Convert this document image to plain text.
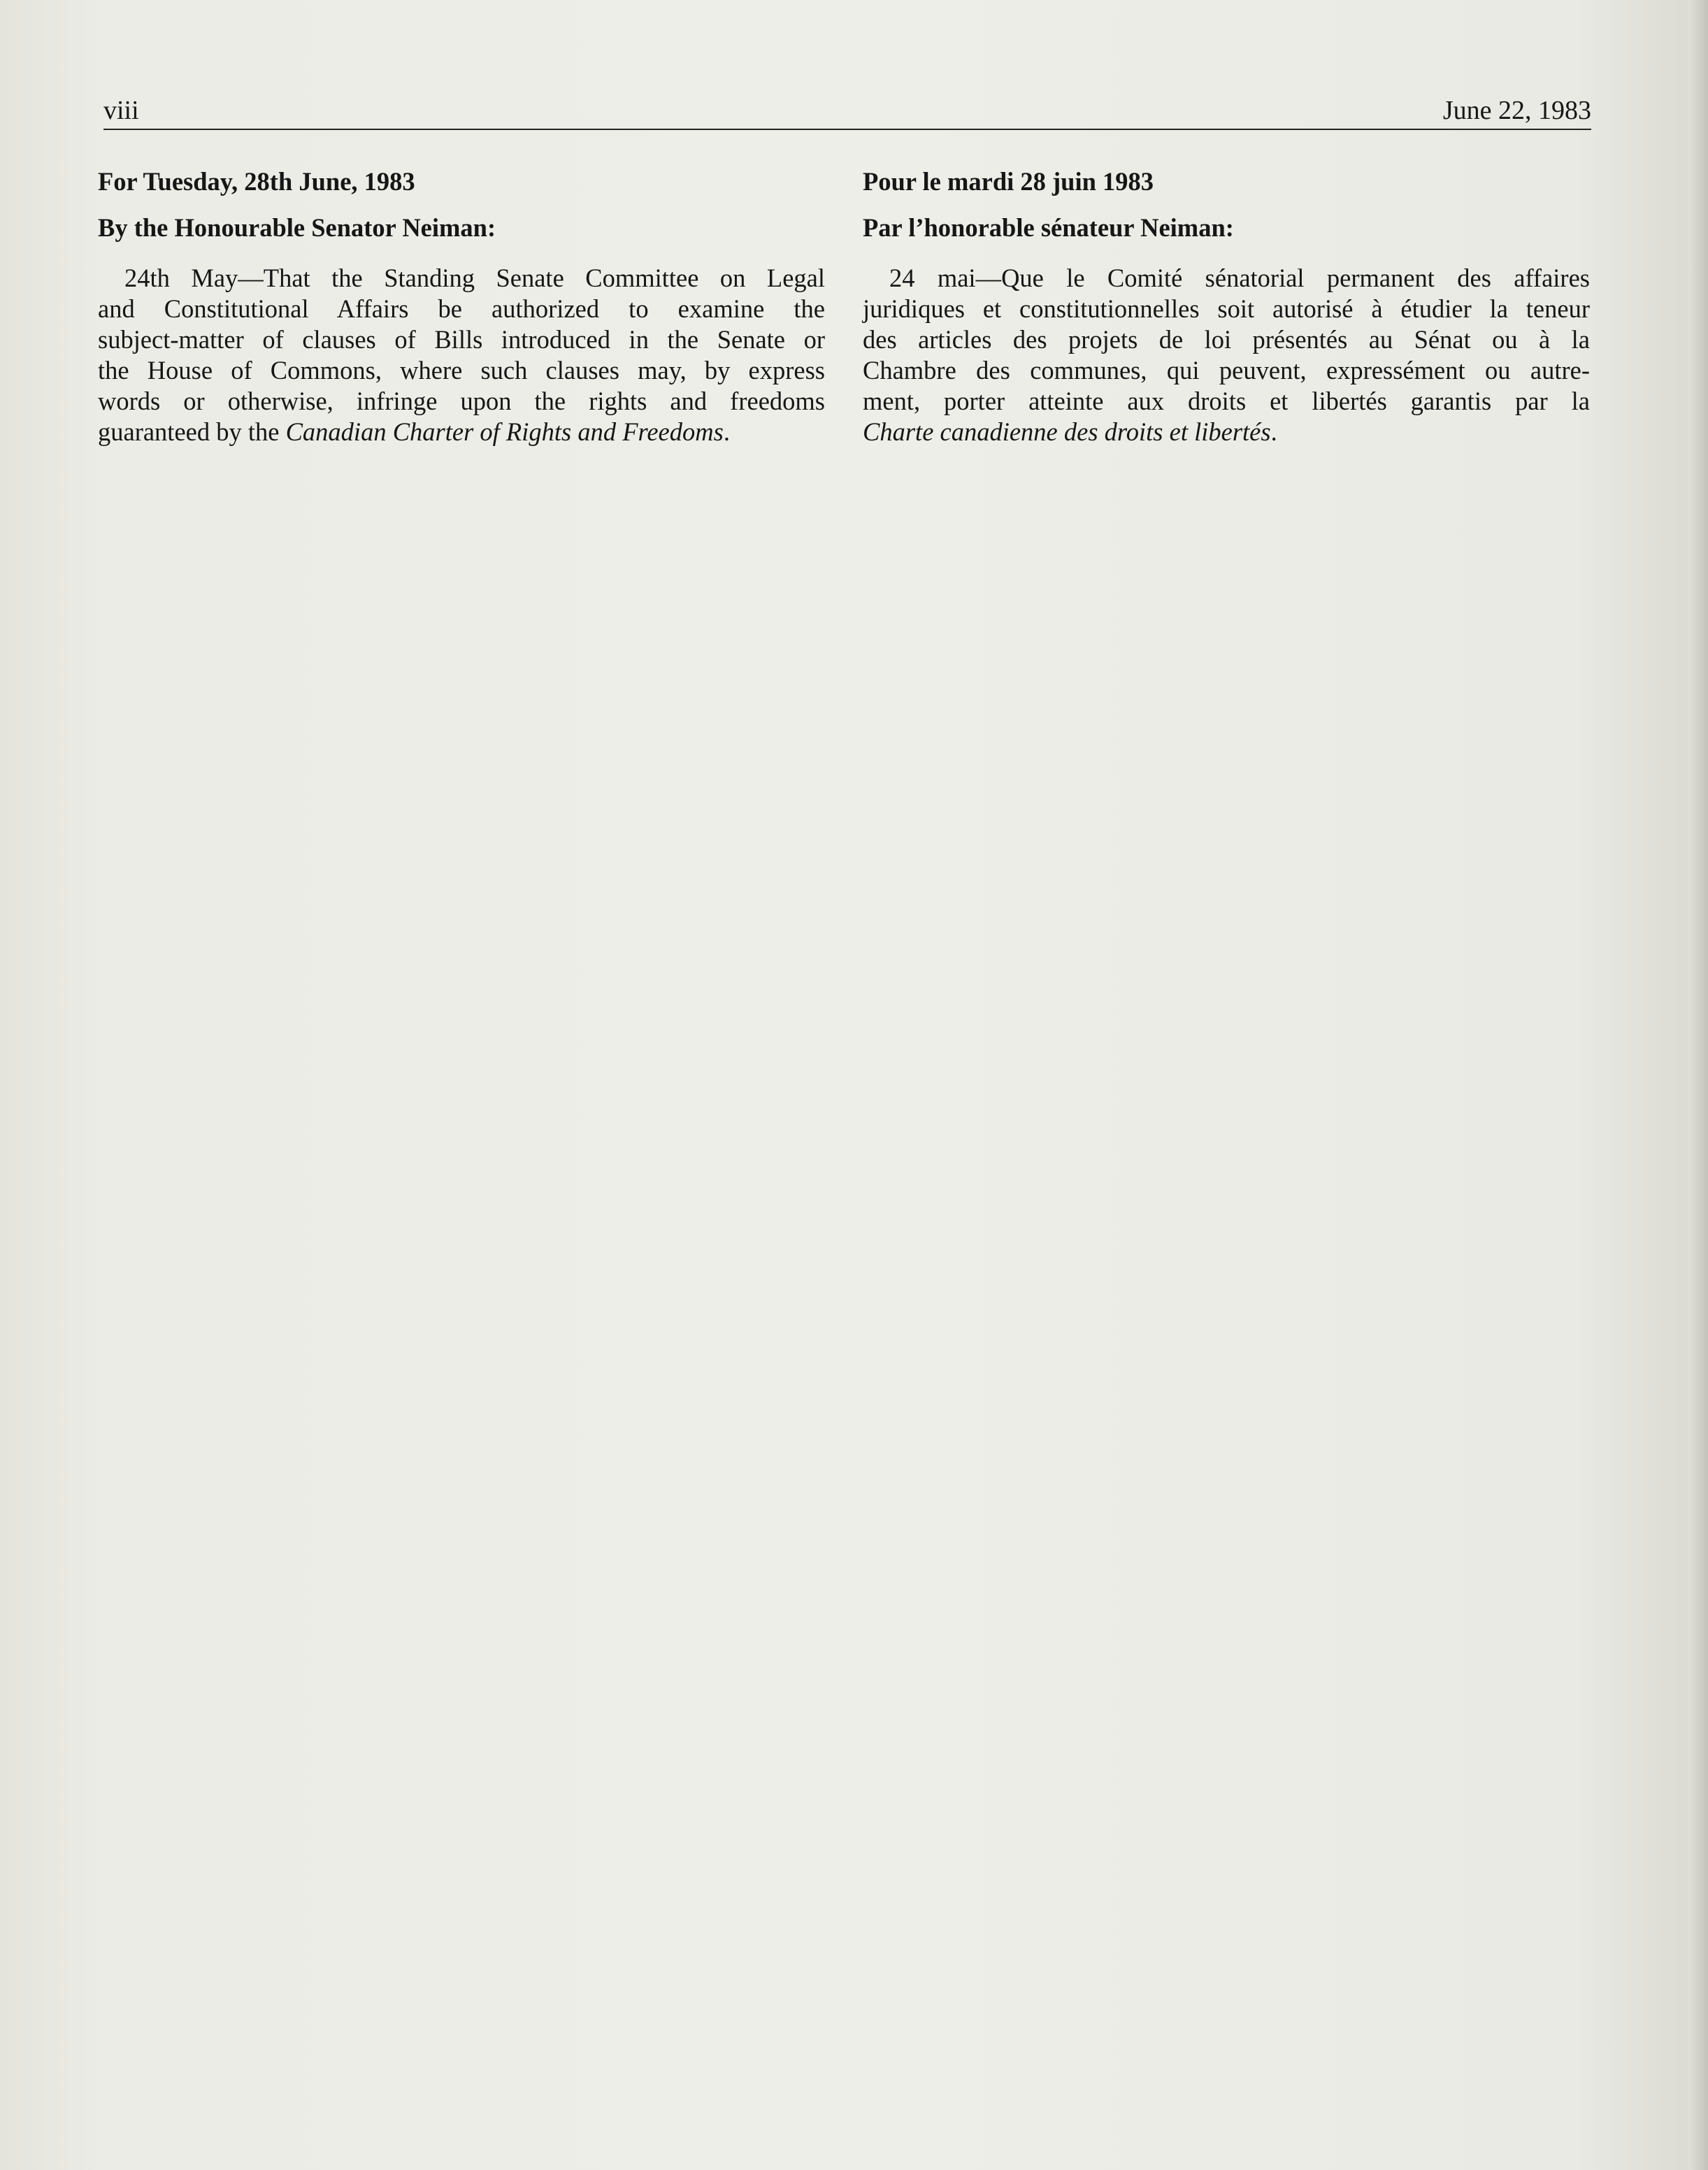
viii	June 22, 1983
For Tuesday, 28th June, 1983
By the Honourable Senator Neiman:
24th May—That the Standing Senate Committee on Legal
and Constitutional Affairs be authorized to examine the
subject-matter of clauses of Bills introduced in the Senate or
the House of Commons, where such clauses may, by express
words or otherwise, infringe upon the rights and freedoms
guaranteed by the Canadian Charter of Rights and Freedoms.
Pour le mardi 28 juin 1983
Par l’honorable sénateur Neiman:
24 mai—Que le Comité sénatorial permanent des affaires
juridiques et constitutionnelles soit autorisé à étudier la teneur
des articles des projets de loi présentés au Sénat ou à la
Chambre des communes, qui peuvent, expressément ou autre-
ment, porter atteinte aux droits et libertés garantis par la
Charte canadienne des droits et libertés.
